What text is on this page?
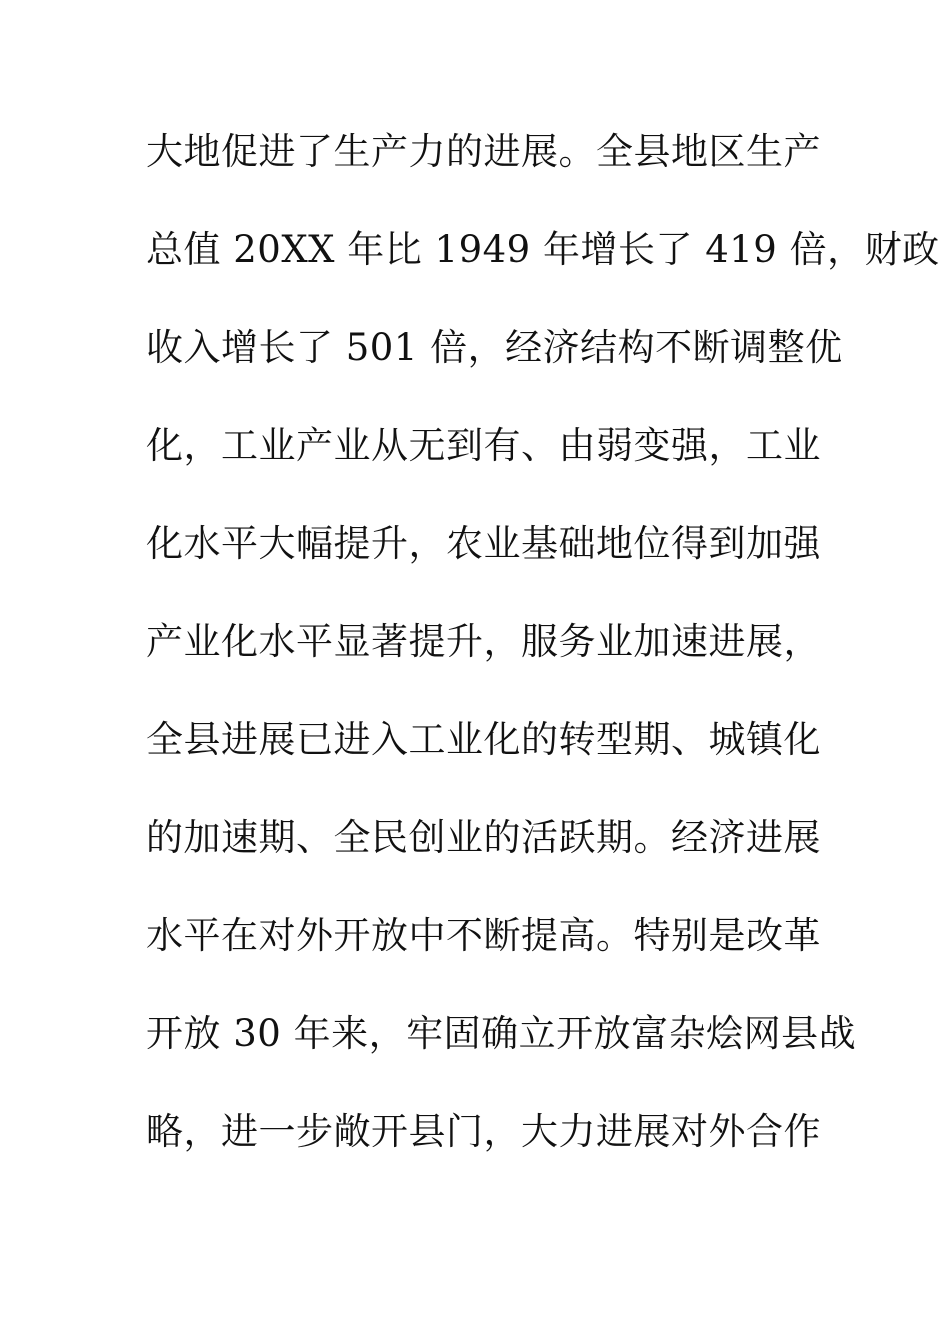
大地促进了生产力的进展。全县地区生产
总值 20XX 年比 1949 年增长了 419 倍，财政
收入增长了 501 倍，经济结构不断调整优
化，工业产业从无到有、由弱变强，工业
化水平大幅提升，农业基础地位得到加强
产业化水平显著提升，服务业加速进展，
全县进展已进入工业化的转型期、城镇化
的加速期、全民创业的活跃期。经济进展
水平在对外开放中不断提高。特别是改革
开放 30 年来，牢固确立开放富杂烩网县战
略，进一步敞开县门，大力进展对外合作
